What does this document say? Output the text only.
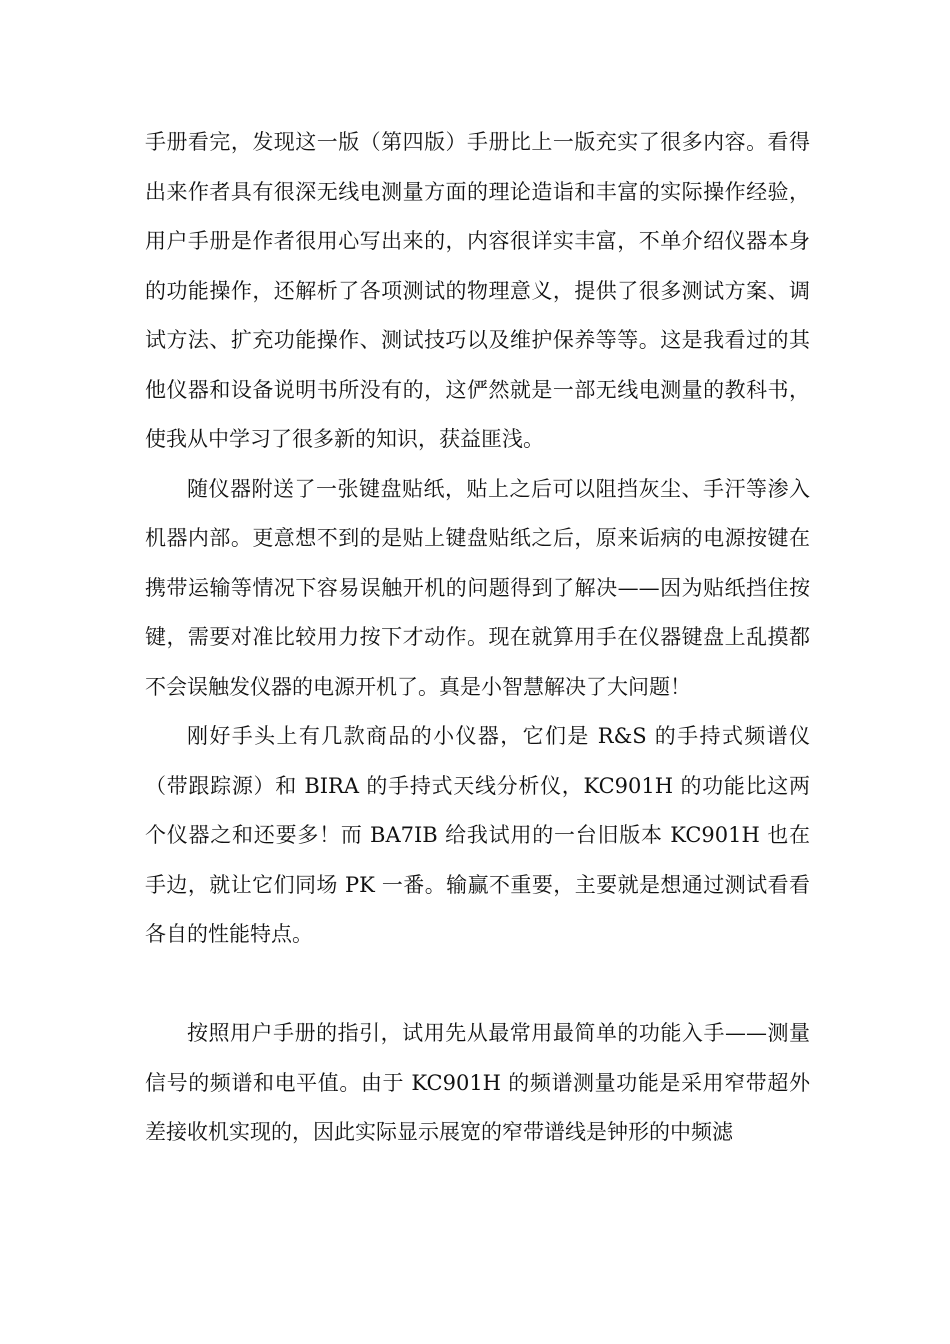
手册看完，发现这一版（第四版）手册比上一版充实了很多内容。看得出来作者具有很深无线电测量方面的理论造诣和丰富的实际操作经验，用户手册是作者很用心写出来的，内容很详实丰富，不单介绍仪器本身的功能操作，还解析了各项测试的物理意义，提供了很多测试方案、调试方法、扩充功能操作、测试技巧以及维护保养等等。这是我看过的其他仪器和设备说明书所没有的，这俨然就是一部无线电测量的教科书，使我从中学习了很多新的知识，获益匪浅。

随仪器附送了一张键盘贴纸，贴上之后可以阻挡灰尘、手汗等渗入机器内部。更意想不到的是贴上键盘贴纸之后，原来诟病的电源按键在携带运输等情况下容易误触开机的问题得到了解决——因为贴纸挡住按键，需要对准比较用力按下才动作。现在就算用手在仪器键盘上乱摸都不会误触发仪器的电源开机了。真是小智慧解决了大问题！

刚好手头上有几款商品的小仪器，它们是 R&S 的手持式频谱仪（带跟踪源）和 BIRA 的手持式天线分析仪，KC901H 的功能比这两个仪器之和还要多！而 BA7IB 给我试用的一台旧版本 KC901H 也在手边，就让它们同场 PK 一番。输赢不重要，主要就是想通过测试看看各自的性能特点。

按照用户手册的指引，试用先从最常用最简单的功能入手——测量信号的频谱和电平值。由于 KC901H 的频谱测量功能是采用窄带超外差接收机实现的，因此实际显示展宽的窄带谱线是钟形的中频滤
